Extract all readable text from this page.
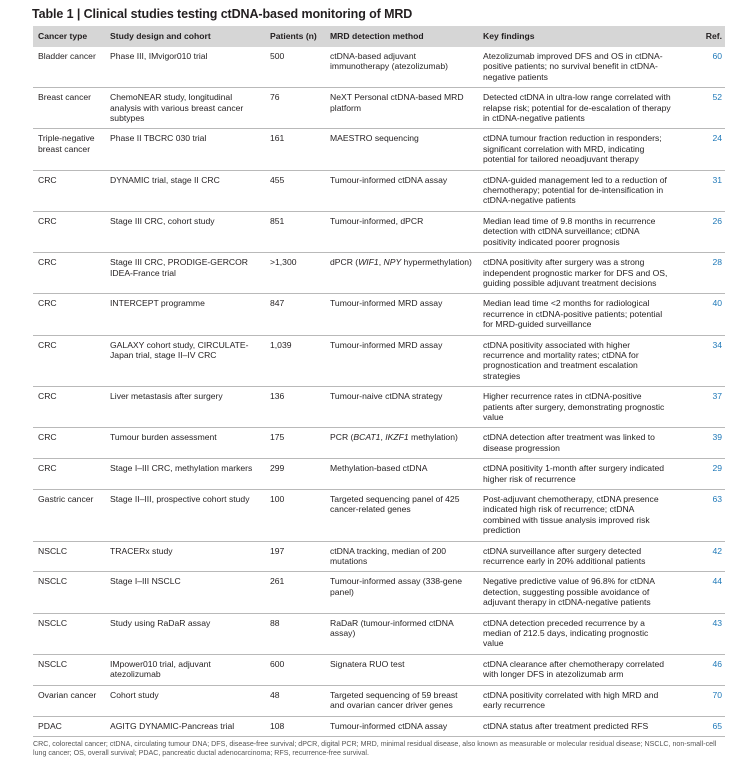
Table 1 | Clinical studies testing ctDNA-based monitoring of MRD
Cancer type	Study design and cohort	Patients (n)	MRD detection method	Key findings	Ref.
Bladder cancer	Phase III, IMvigor010 trial	500	ctDNA-based adjuvant immunotherapy (atezolizumab)	Atezolizumab improved DFS and OS in ctDNA-positive patients; no survival benefit in ctDNA-negative patients	60
Breast cancer	ChemoNEAR study, longitudinal analysis with various breast cancer subtypes	76	NeXT Personal ctDNA-based MRD platform	Detected ctDNA in ultra-low range correlated with relapse risk; potential for de-escalation of therapy in ctDNA-negative patients	52
Triple-negative breast cancer	Phase II TBCRC 030 trial	161	MAESTRO sequencing	ctDNA tumour fraction reduction in responders; significant correlation with MRD, indicating potential for tailored neoadjuvant therapy	24
CRC	DYNAMIC trial, stage II CRC	455	Tumour-informed ctDNA assay	ctDNA-guided management led to a reduction of chemotherapy; potential for de-intensification in ctDNA-negative patients	31
CRC	Stage III CRC, cohort study	851	Tumour-informed, dPCR	Median lead time of 9.8 months in recurrence detection with ctDNA surveillance; ctDNA positivity indicated poorer prognosis	26
CRC	Stage III CRC, PRODIGE-GERCOR IDEA-France trial	>1,300	dPCR (WIF1, NPY hypermethylation)	ctDNA positivity after surgery was a strong independent prognostic marker for DFS and OS, guiding possible adjuvant treatment decisions	28
CRC	INTERCEPT programme	847	Tumour-informed MRD assay	Median lead time <2 months for radiological recurrence in ctDNA-positive patients; potential for MRD-guided surveillance	40
CRC	GALAXY cohort study, CIRCULATE-Japan trial, stage II–IV CRC	1,039	Tumour-informed MRD assay	ctDNA positivity associated with higher recurrence and mortality rates; ctDNA for prognostication and treatment escalation strategies	34
CRC	Liver metastasis after surgery	136	Tumour-naive ctDNA strategy	Higher recurrence rates in ctDNA-positive patients after surgery, demonstrating prognostic value	37
CRC	Tumour burden assessment	175	PCR (BCAT1, IKZF1 methylation)	ctDNA detection after treatment was linked to disease progression	39
CRC	Stage I–III CRC, methylation markers	299	Methylation-based ctDNA	ctDNA positivity 1-month after surgery indicated higher risk of recurrence	29
Gastric cancer	Stage II–III, prospective cohort study	100	Targeted sequencing panel of 425 cancer-related genes	Post-adjuvant chemotherapy, ctDNA presence indicated high risk of recurrence; ctDNA combined with tissue analysis improved risk prediction	63
NSCLC	TRACERx study	197	ctDNA tracking, median of 200 mutations	ctDNA surveillance after surgery detected recurrence early in 20% additional patients	42
NSCLC	Stage I–III NSCLC	261	Tumour-informed assay (338-gene panel)	Negative predictive value of 96.8% for ctDNA detection, suggesting possible avoidance of adjuvant therapy in ctDNA-negative patients	44
NSCLC	Study using RaDaR assay	88	RaDaR (tumour-informed ctDNA assay)	ctDNA detection preceded recurrence by a median of 212.5 days, indicating prognostic value	43
NSCLC	IMpower010 trial, adjuvant atezolizumab	600	Signatera RUO test	ctDNA clearance after chemotherapy correlated with longer DFS in atezolizumab arm	46
Ovarian cancer	Cohort study	48	Targeted sequencing of 59 breast and ovarian cancer driver genes	ctDNA positivity correlated with high MRD and early recurrence	70
PDAC	AGITG DYNAMIC-Pancreas trial	108	Tumour-informed ctDNA assay	ctDNA status after treatment predicted RFS	65
CRC, colorectal cancer; ctDNA, circulating tumour DNA; DFS, disease-free survival; dPCR, digital PCR; MRD, minimal residual disease, also known as measurable or molecular residual disease; NSCLC, non-small-cell lung cancer; OS, overall survival; PDAC, pancreatic ductal adenocarcinoma; RFS, recurrence-free survival.
